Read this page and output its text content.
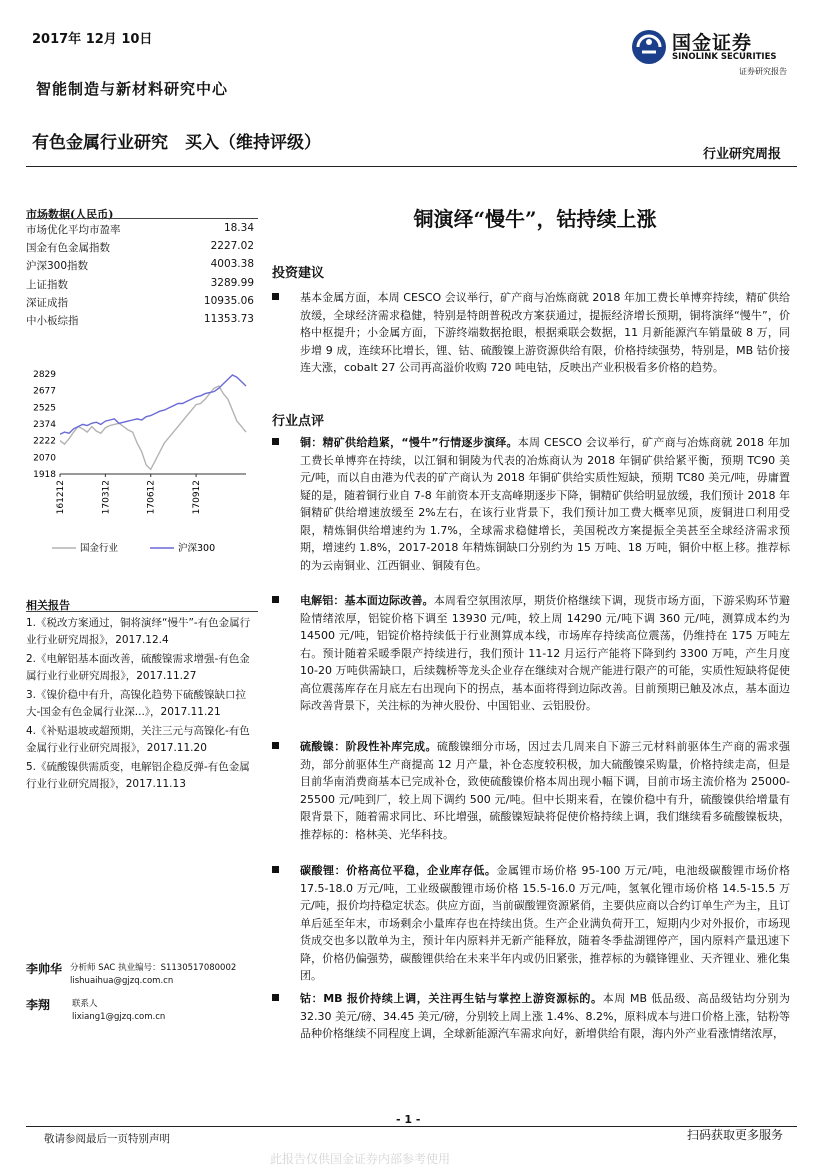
2017年 12月 10日
智能制造与新材料研究中心
有色金属行业研究　买入（维持评级）
行业研究周报
国金证券
SINOLINK SECURITIES
证券研究报告
市场数据(人民币)
市场优化平均市盈率	18.34
国金有色金属指数	2227.02
沪深300指数	4003.38
上证指数	3289.99
深证成指	10935.06
中小板综指	11353.73
2829
2677
2525
2374
2222
2070
1918
161212	170312	170612	170912
国金行业	沪深300
相关报告
1.《税改方案通过，铜将演绎“慢牛”-有色金属行业行业研究周报》，2017.12.4
2.《电解铝基本面改善，硫酸镍需求增强-有色金属行业行业研究周报》，2017.11.27
3.《镍价稳中有升，高镍化趋势下硫酸镍缺口拉大-国金有色金属行业深...》，2017.11.21
4.《补贴退坡或超预期，关注三元与高镍化-有色金属行业行业研究周报》，2017.11.20
5.《硫酸镍供需质变，电解铝企稳反弹-有色金属行业行业研究周报》，2017.11.13
李帅华 分析师 SAC 执业编号：S1130517080002
lishuaihua@gjzq.com.cn
李翔	联系人
lixiang1@gjzq.com.cn
铜演绎“慢牛”，钴持续上涨
投资建议
基本金属方面，本周 CESCO 会议举行，矿产商与冶炼商就 2018 年加工费长单博弈持续，精矿供给放缓，全球经济需求稳健，特别是特朗普税改方案获通过，提振经济增长预期，铜将演绎“慢牛”，价格中枢提升；小金属方面，下游终端数据抢眼，根据乘联会数据，11 月新能源汽车销量破 8 万，同步增 9 成，连续环比增长，锂、钴、硫酸镍上游资源供给有限，价格持续强势，特别是，MB 钴价接连大涨，cobalt 27 公司再高溢价收购 720 吨电钴，反映出产业积极看多价格的趋势。
行业点评
铜：精矿供给趋紧，“慢牛”行情逐步演绎。本周 CESCO 会议举行，矿产商与冶炼商就 2018 年加工费长单博弈在持续，以江铜和铜陵为代表的冶炼商认为 2018 年铜矿供给紧平衡，预期 TC90 美元/吨，而以自由港为代表的矿产商认为 2018 年铜矿供给实质性短缺，预期 TC80 美元/吨，毋庸置疑的是，随着铜行业自 7-8 年前资本开支高峰期逐步下降，铜精矿供给明显放缓，我们预计 2018 年铜精矿供给增速放缓至 2%左右，在该行业背景下，我们预计加工费大概率见顶，废铜进口利用受限，精炼铜供给增速约为 1.7%，全球需求稳健增长，美国税改方案提振全美甚至全球经济需求预期，增速约 1.8%，2017-2018 年精炼铜缺口分别约为 15 万吨、18 万吨，铜价中枢上移。推荐标的为云南铜业、江西铜业、铜陵有色。
电解铝：基本面边际改善。本周看空氛围浓厚，期货价格继续下调，现货市场方面，下游采购环节避险情绪浓厚，铝锭价格下调至 13930 元/吨，较上周 14290 元/吨下调 360 元/吨，测算成本约为 14500 元/吨，铝锭价格持续低于行业测算成本线，市场库存持续高位震荡，仍维持在 175 万吨左右。预计随着采暖季限产持续进行，我们预计 11-12 月运行产能将下降到约 3300 万吨，产生月度 10-20 万吨供需缺口，后续魏桥等龙头企业存在继续对合规产能进行限产的可能，实质性短缺将促使高位震荡库存在月底左右出现向下的拐点，基本面将得到边际改善。目前预期已触及冰点，基本面边际改善背景下，关注标的为神火股份、中国铝业、云铝股份。
硫酸镍：阶段性补库完成。硫酸镍细分市场，因过去几周来自下游三元材料前驱体生产商的需求强劲，部分前驱体生产商提高 12 月产量，补仓态度较积极，加大硫酸镍采购量，价格持续走高，但是目前华南消费商基本已完成补仓，致使硫酸镍价格本周出现小幅下调，目前市场主流价格为 25000-25500 元/吨到厂，较上周下调约 500 元/吨。但中长期来看，在镍价稳中有升，硫酸镍供给增量有限背景下，随着需求同比、环比增强，硫酸镍短缺将促使价格持续上调，我们继续看多硫酸镍板块，推荐标的：格林美、光华科技。
碳酸锂：价格高位平稳，企业库存低。金属锂市场价格 95-100 万元/吨，电池级碳酸锂市场价格 17.5-18.0 万元/吨，工业级碳酸锂市场价格 15.5-16.0 万元/吨，氢氧化锂市场价格 14.5-15.5 万元/吨，报价均持稳定状态。供应方面，当前碳酸锂资源紧俏，主要供应商以合约订单生产为主，且订单后延至年末，市场剩余小量库存也在持续出货。生产企业满负荷开工，短期内少对外报价，市场现货成交也多以散单为主，预计年内原料并无新产能释放，随着冬季盐湖锂停产，国内原料产量迅速下降，价格仍偏强势，碳酸锂供给在未来半年内或仍旧紧张，推荐标的为赣锋锂业、天齐锂业、雅化集团。
钴：MB 报价持续上调，关注再生钴与掌控上游资源标的。本周 MB 低品级、高品级钴均分别为 32.30 美元/磅、34.45 美元/磅，分别较上周上涨 1.4%、8.2%，原料成本与进口价格上涨，钴粉等品种价格继续不同程度上调，全球新能源汽车需求向好，新增供给有限，海内外产业看涨情绪浓厚，
- 1 -
敬请参阅最后一页特别声明	扫码获取更多服务
此报告仅供国金证券内部参考使用
